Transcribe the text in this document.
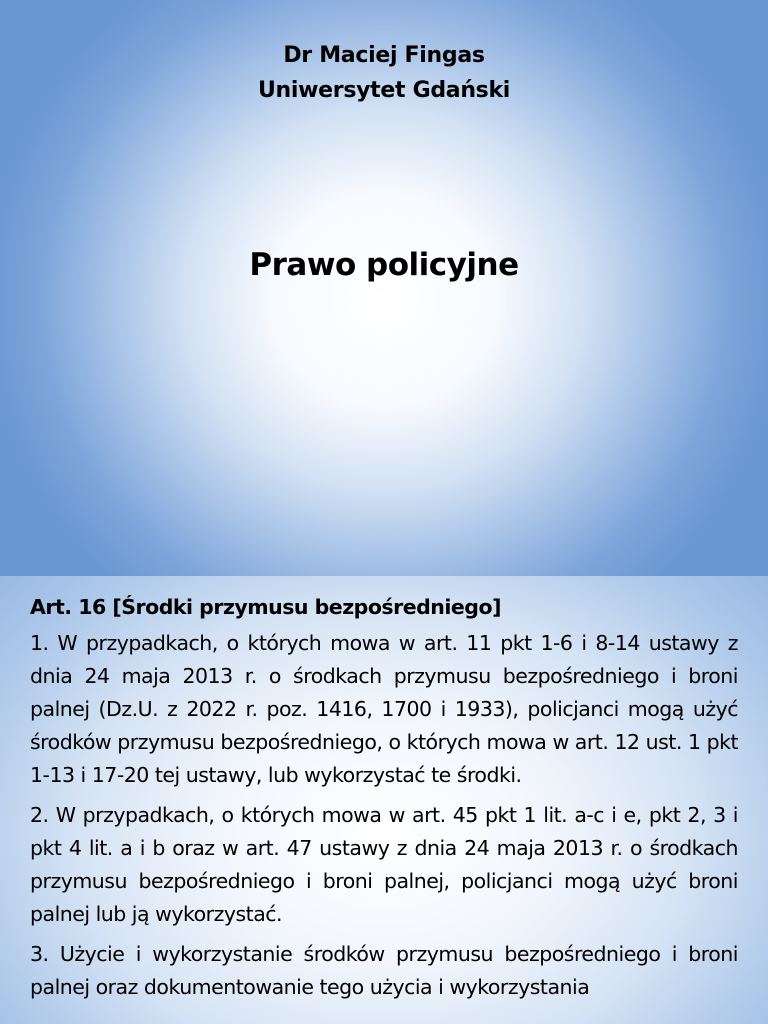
Dr Maciej Fingas
Uniwersytet Gdański
Prawo policyjne
Art. 16 [Środki przymusu bezpośredniego]
1. W przypadkach, o których mowa w art. 11 pkt 1-6 i 8-14 ustawy z dnia 24 maja 2013 r. o środkach przymusu bezpośredniego i broni palnej (Dz.U. z 2022 r. poz. 1416, 1700 i 1933), policjanci mogą użyć środków przymusu bezpośredniego, o których mowa w art. 12 ust. 1 pkt 1-13 i 17-20 tej ustawy, lub wykorzystać te środki.
2. W przypadkach, o których mowa w art. 45 pkt 1 lit. a-c i e, pkt 2, 3 i pkt 4 lit. a i b oraz w art. 47 ustawy z dnia 24 maja 2013 r. o środkach przymusu bezpośredniego i broni palnej, policjanci mogą użyć broni palnej lub ją wykorzystać.
3. Użycie i wykorzystanie środków przymusu bezpośredniego i broni palnej oraz dokumentowanie tego użycia i wykorzystania
